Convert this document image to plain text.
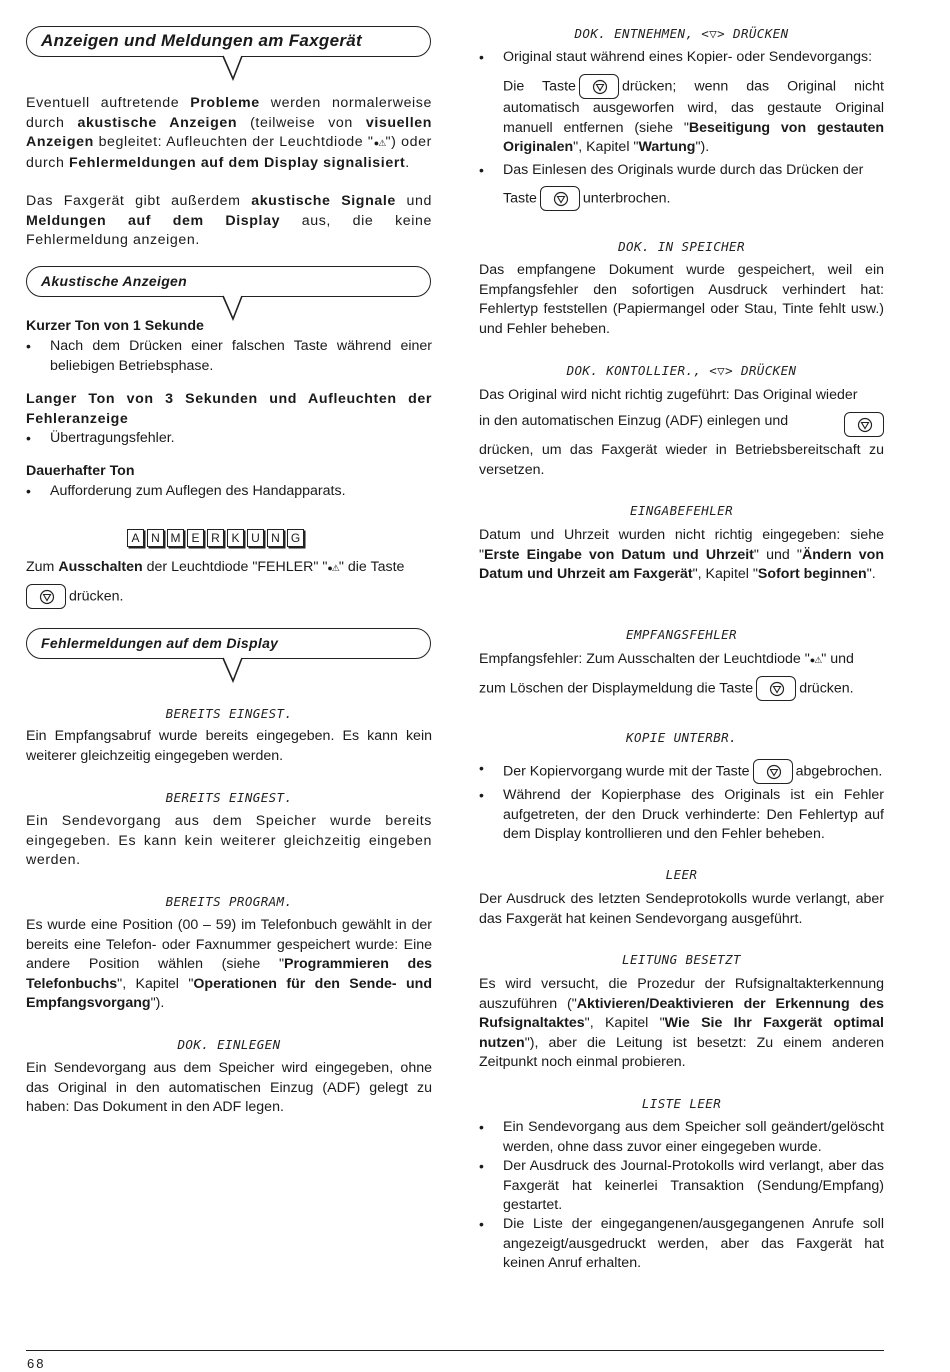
Anzeigen und Meldungen am Faxgerät

Eventuell auftretende Probleme werden normalerweise durch akustische Anzeigen (teilweise von visuellen Anzeigen begleitet: Aufleuchten der Leuchtdiode "●⚠") oder durch Fehlermeldungen auf dem Display signalisiert.

Das Faxgerät gibt außerdem akustische Signale und Meldungen auf dem Display aus, die keine Fehlermeldung anzeigen.

Akustische Anzeigen

Kurzer Ton von 1 Sekunde

• Nach dem Drücken einer falschen Taste während einer beliebigen Betriebsphase.

Langer Ton von 3 Sekunden und Aufleuchten der Fehleranzeige

• Übertragungsfehler.

Dauerhafter Ton

• Aufforderung zum Auflegen des Handapparats.
A N M E R K U N G

Zum Ausschalten der Leuchtdiode "FEHLER" "●⚠" die Taste

drücken.

Fehlermeldungen auf dem Display
BEREITS EINGEST.

Ein Empfangsabruf wurde bereits eingegeben. Es kann kein weiterer gleichzeitig eingegeben werden.

BEREITS EINGEST.

Ein Sendevorgang aus dem Speicher wurde bereits eingegeben. Es kann kein weiterer gleichzeitig eingeben werden.

BEREITS PROGRAM.

Es wurde eine Position (00 – 59) im Telefonbuch gewählt in der bereits eine Telefon- oder Faxnummer gespeichert wurde: Eine andere Position wählen (siehe "Programmieren des Telefonbuchs", Kapitel "Operationen für den Sende- und Empfangsvorgang").

DOK. EINLEGEN

Ein Sendevorgang aus dem Speicher wird eingegeben, ohne das Original in den automatischen Einzug (ADF) gelegt zu haben: Das Dokument in den ADF legen.

DOK. ENTNEHMEN, <▽> DRÜCKEN
• Original staut während eines Kopier- oder Sendevorgangs:
Die Taste	drücken; wenn das Original nicht automatisch ausgeworfen wird, das gestaute Original manuell entfernen (siehe "Beseitigung von gestauten Originalen", Kapitel "Wartung").
• Das Einlesen des Originals wurde durch das Drücken der
Taste	unterbrochen.
DOK. IN SPEICHER

Das empfangene Dokument wurde gespeichert, weil ein Empfangsfehler den sofortigen Ausdruck verhindert hat: Fehlertyp feststellen (Papiermangel oder Stau, Tinte fehlt usw.) und Fehler beheben.

DOK. KONTOLLIER., <▽> DRÜCKEN

Das Original wird nicht richtig zugeführt: Das Original wieder

in den automatischen Einzug (ADF) einlegen und

drücken, um das Faxgerät wieder in Betriebsbereitschaft zu versetzen.

EINGABEFEHLER

Datum und Uhrzeit wurden nicht richtig eingegeben: siehe "Erste Eingabe von Datum und Uhrzeit" und "Ändern von Datum und Uhrzeit am Faxgerät", Kapitel "Sofort beginnen".

EMPFANGSFEHLER

Empfangsfehler: Zum Ausschalten der Leuchtdiode "●⚠" und

zum Löschen der Displaymeldung die Taste	drücken.

KOPIE UNTERBR.
• Der Kopiervorgang wurde mit der Taste	abgebrochen.
• Während der Kopierphase des Originals ist ein Fehler aufgetreten, der den Druck verhinderte: Den Fehlertyp auf dem Display kontrollieren und den Fehler beheben.
LEER

Der Ausdruck des letzten Sendeprotokolls wurde verlangt, aber das Faxgerät hat keinen Sendevorgang ausgeführt.

LEITUNG BESETZT

Es wird versucht, die Prozedur der Rufsignaltakterkennung auszuführen ("Aktivieren/Deaktivieren der Erkennung des Rufsignaltaktes", Kapitel "Wie Sie Ihr Faxgerät optimal nutzen"), aber die Leitung ist besetzt: Zu einem anderen Zeitpunkt noch einmal probieren.

LISTE LEER
• Ein Sendevorgang aus dem Speicher soll geändert/gelöscht werden, ohne dass zuvor einer eingegeben wurde.
• Der Ausdruck des Journal-Protokolls wird verlangt, aber das Faxgerät hat keinerlei Transaktion (Sendung/Empfang) gestartet.
• Die Liste der eingegangenen/ausgegangenen Anrufe soll angezeigt/ausgedruckt werden, aber das Faxgerät hat keinen Anruf erhalten.
68
